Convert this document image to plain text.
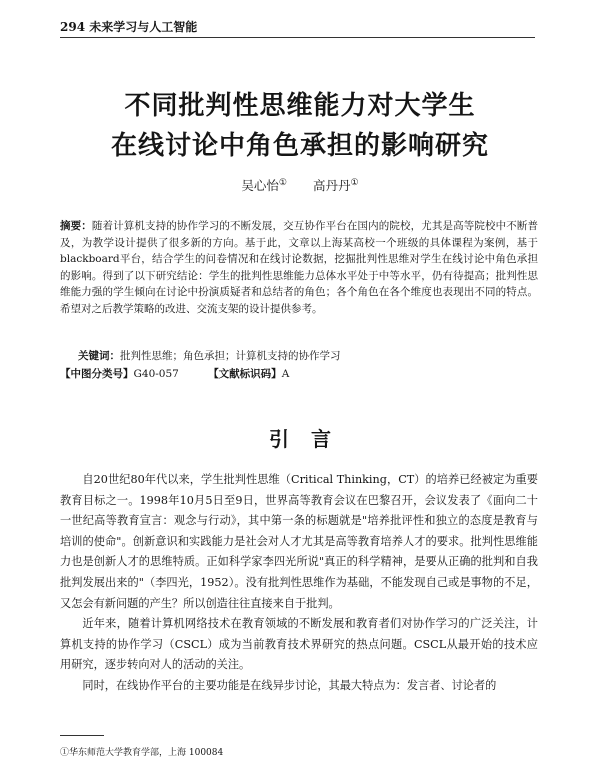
294 未来学习与人工智能
不同批判性思维能力对大学生
在线讨论中角色承担的影响研究
吴心怡① 高丹丹①
摘要：随着计算机支持的协作学习的不断发展，交互协作平台在国内的院校，尤其是高等院校中不断普及，为教学设计提供了很多新的方向。基于此，文章以上海某高校一个班级的具体课程为案例，基于blackboard平台，结合学生的问卷情况和在线讨论数据，挖掘批判性思维对学生在线讨论中角色承担的影响。得到了以下研究结论：学生的批判性思维能力总体水平处于中等水平，仍有待提高；批判性思维能力强的学生倾向在讨论中扮演质疑者和总结者的角色；各个角色在各个维度也表现出不同的特点。希望对之后教学策略的改进、交流支架的设计提供参考。
关键词：批判性思维；角色承担；计算机支持的协作学习
【中图分类号】G40-057	【文献标识码】A
引言

自20世纪80年代以来，学生批判性思维（Critical Thinking，CT）的培养已经被定为重要教育目标之一。1998年10月5日至9日，世界高等教育会议在巴黎召开，会议发表了《面向二十一世纪高等教育宣言：观念与行动》，其中第一条的标题就是"培养批评性和独立的态度是教育与培训的使命"。创新意识和实践能力是社会对人才尤其是高等教育培养人才的要求。批判性思维能力也是创新人才的思维特质。正如科学家李四光所说"真正的科学精神，是要从正确的批判和自我批判发展出来的"（李四光，1952）。没有批判性思维作为基础，不能发现自己或是事物的不足，又怎会有新问题的产生？所以创造往往直接来自于批判。

近年来，随着计算机网络技术在教育领域的不断发展和教育者们对协作学习的广泛关注，计算机支持的协作学习（CSCL）成为当前教育技术界研究的热点问题。CSCL从最开始的技术应用研究，逐步转向对人的活动的关注。

同时，在线协作平台的主要功能是在线异步讨论，其最大特点为：发言者、讨论者的

①华东师范大学教育学部，上海 100084
